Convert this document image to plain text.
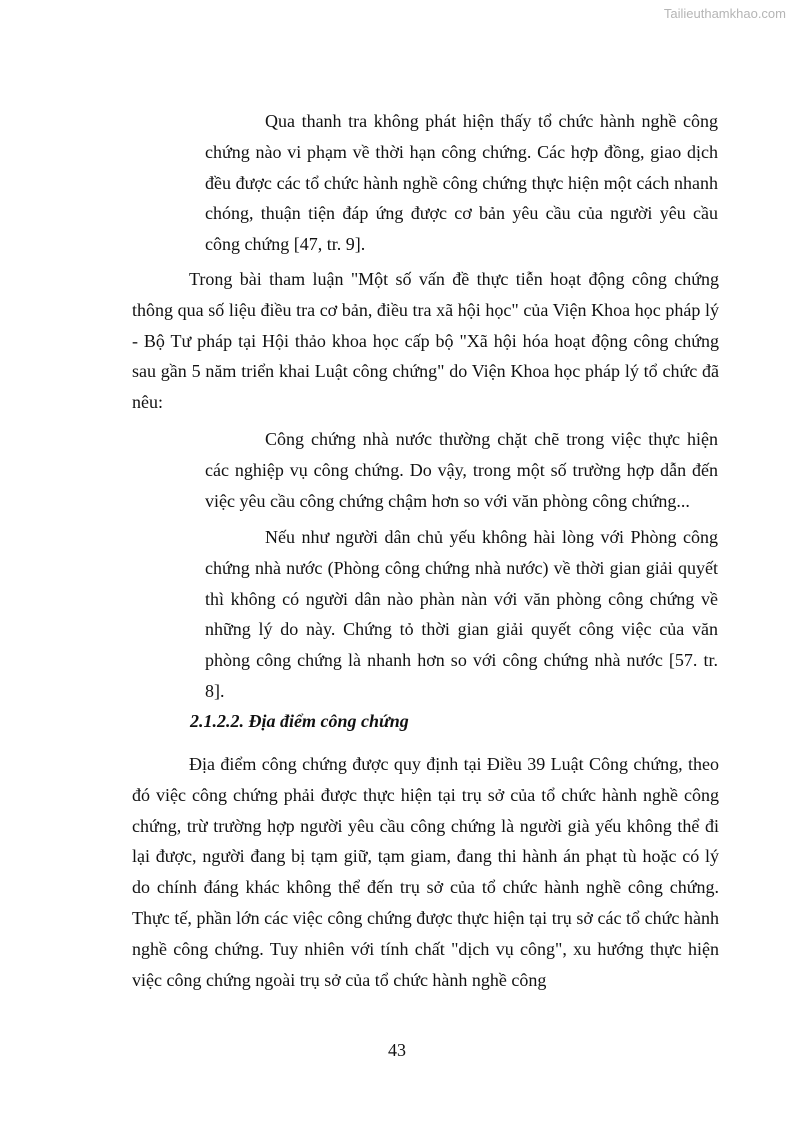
Tailieuthamkhao.com

Qua thanh tra không phát hiện thấy tổ chức hành nghề công chứng nào vi phạm về thời hạn công chứng. Các hợp đồng, giao dịch đều được các tổ chức hành nghề công chứng thực hiện một cách nhanh chóng, thuận tiện đáp ứng được cơ bản yêu cầu của người yêu cầu công chứng [47, tr. 9].

Trong bài tham luận "Một số vấn đề thực tiễn hoạt động công chứng thông qua số liệu điều tra cơ bản, điều tra xã hội học" của Viện Khoa học pháp lý - Bộ Tư pháp tại Hội thảo khoa học cấp bộ "Xã hội hóa hoạt động công chứng sau gần 5 năm triển khai Luật công chứng" do Viện Khoa học pháp lý tổ chức đã nêu:

Công chứng nhà nước thường chặt chẽ trong việc thực hiện các nghiệp vụ công chứng. Do vậy, trong một số trường hợp dẫn đến việc yêu cầu công chứng chậm hơn so với văn phòng công chứng...

Nếu như người dân chủ yếu không hài lòng với Phòng công chứng nhà nước (Phòng công chứng nhà nước) về thời gian giải quyết thì không có người dân nào phàn nàn với văn phòng công chứng về những lý do này. Chứng tỏ thời gian giải quyết công việc của văn phòng công chứng là nhanh hơn so với công chứng nhà nước [57. tr. 8].

2.1.2.2. Địa điểm công chứng

Địa điểm công chứng được quy định tại Điều 39 Luật Công chứng, theo đó việc công chứng phải được thực hiện tại trụ sở của tổ chức hành nghề công chứng, trừ trường hợp người yêu cầu công chứng là người già yếu không thể đi lại được, người đang bị tạm giữ, tạm giam, đang thi hành án phạt tù hoặc có lý do chính đáng khác không thể đến trụ sở của tổ chức hành nghề công chứng. Thực tế, phần lớn các việc công chứng được thực hiện tại trụ sở các tổ chức hành nghề công chứng. Tuy nhiên với tính chất "dịch vụ công", xu hướng thực hiện việc công chứng ngoài trụ sở của tổ chức hành nghề công

43
